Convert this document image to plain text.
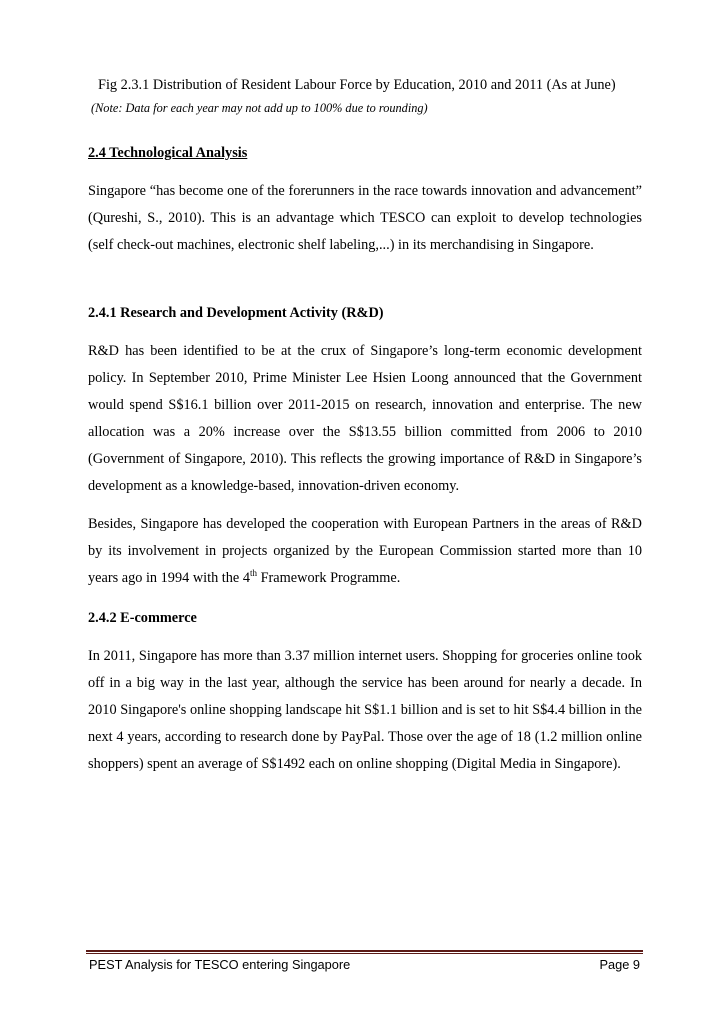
Fig 2.3.1 Distribution of Resident Labour Force by Education, 2010 and 2011 (As at June)
(Note: Data for each year may not add up to 100% due to rounding)
2.4 Technological Analysis
Singapore “has become one of the forerunners in the race towards innovation and advancement” (Qureshi, S., 2010). This is an advantage which TESCO can exploit to develop technologies (self check-out machines, electronic shelf labeling,...) in its merchandising in Singapore.
2.4.1 Research and Development Activity (R&D)
R&D has been identified to be at the crux of Singapore’s long-term economic development policy. In September 2010, Prime Minister Lee Hsien Loong announced that the Government would spend S$16.1 billion over 2011-2015 on research, innovation and enterprise. The new allocation was a 20% increase over the S$13.55 billion committed from 2006 to 2010 (Government of Singapore, 2010). This reflects the growing importance of R&D in Singapore’s development as a knowledge-based, innovation-driven economy.
Besides, Singapore has developed the cooperation with European Partners in the areas of R&D by its involvement in projects organized by the European Commission started more than 10 years ago in 1994 with the 4th Framework Programme.
2.4.2 E-commerce
In 2011, Singapore has more than 3.37 million internet users. Shopping for groceries online took off in a big way in the last year, although the service has been around for nearly a decade. In 2010 Singapore's online shopping landscape hit S$1.1 billion and is set to hit S$4.4 billion in the next 4 years, according to research done by PayPal. Those over the age of 18 (1.2 million online shoppers) spent an average of S$1492 each on online shopping (Digital Media in Singapore).
PEST Analysis for TESCO entering Singapore	Page 9
